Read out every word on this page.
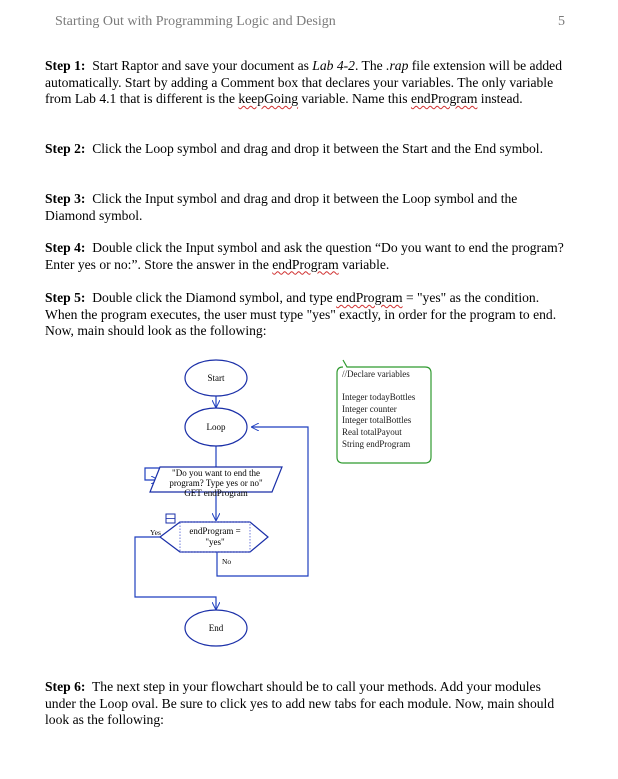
Starting Out with Programming Logic and Design	5
Step 1: Start Raptor and save your document as Lab 4-2. The .rap file extension will be added automatically. Start by adding a Comment box that declares your variables. The only variable from Lab 4.1 that is different is the keepGoing variable. Name this endProgram instead.
Step 2: Click the Loop symbol and drag and drop it between the Start and the End symbol.
Step 3: Click the Input symbol and drag and drop it between the Loop symbol and the Diamond symbol.
Step 4: Double click the Input symbol and ask the question “Do you want to end the program? Enter yes or no:”. Store the answer in the endProgram variable.
Step 5: Double click the Diamond symbol, and type endProgram = "yes" as the condition. When the program executes, the user must type "yes" exactly, in order for the program to end. Now, main should look as the following:
Step 6: The next step in your flowchart should be to call your methods. Add your modules under the Loop oval. Be sure to click yes to add new tabs for each module. Now, main should look as the following:
Start
Loop
"Do you want to end the
program? Type yes or no"
GET endProgram
endProgram =
"yes"
Yes
No
End
//Declare variables
Integer todayBottles
Integer counter
Integer totalBottles
Real totalPayout
String endProgram
